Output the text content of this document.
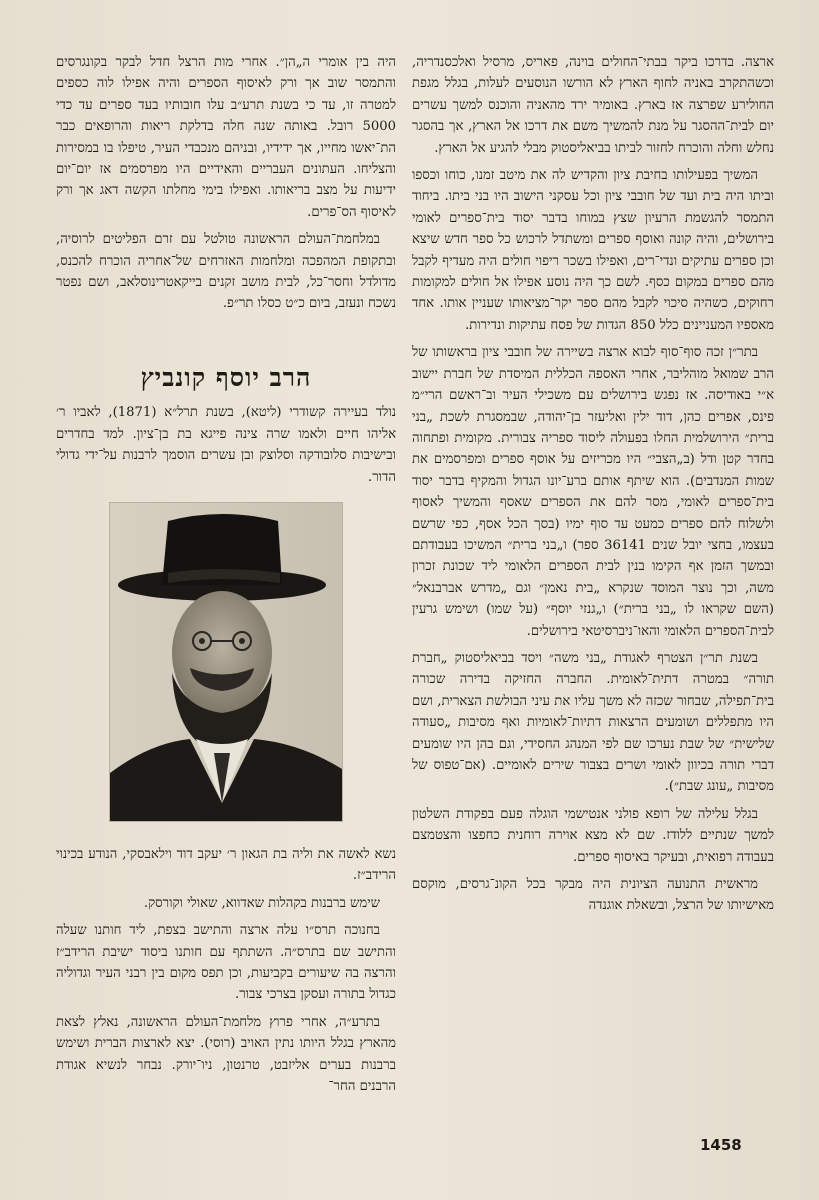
ארצה. בדרכו ביקר בבתי־החולים בוינה, פאריס, מרסיל ואלכסנדריה, וכשהתקרב באניה לחוף הארץ לא הורשו הנוסעים לעלות, בגלל מגפת החולירע שפרצה אז בארץ. באומיר ירד מהאניה והוכנס למשך עשרים יום לבית־ההסגר על מנת להמשיך משם את דרכו אל הארץ, אך בהסגר נחלש וחלה והוכרח לחזור לביתו בביאליסטוק מבלי להגיע אל הארץ.

המשיך בפעילותו בחיבת ציון והקדיש לה את מיטב זמנו, כוחו וכספו וביתו היה בית ועד של חובבי ציון וכל עסקני הישוב היו בני ביתו. ביחוד התמסר להגשמת הרעיון שצץ במוחו בדבר יסוד בית־ספרים לאומי בירושלים, והיה קונה ואוסף ספרים ומשתדל לרכוש כל ספר חדש שיצא וכן ספרים עתיקים ונדי־רים, ואפילו בשכר ריפוי חולים היה מעדיף לקבל מהם ספרים במקום כסף. לשם כך היה נוסע אפילו אל חולים למקומות רחוקים, כשהיה סיכוי לקבל מהם ספר יקר־מציאותו שעניין אותו. אחד מאספיו המעניינים כלל 850 הגדות של פסח עתיקות ונדירות.

בתר״ן זכה סוף־סוף לבוא ארצה בשיירה של חובבי ציון בראשותו של הרב שמואל מוהליבר, אחרי האספה הכללית המיסדת של חברת יישוב א״י באודיסה. אז נפגש בירושלים עם משכילי העיר וב־ראשם הרי״מ פינס, אפרים כהן, דוד ילין ואליעזר בן־יהודה, שבמסגרת לשכת „בני ברית״ הירושלמית החלו בפעולה ליסוד ספריה צבורית. מקומית ופתחוה בחדר קטן ודל (ב„הצבי״ היו מכריזים על אוסף ספרים ומפרסמים את שמות המנדבים). הוא שיתף אותם ברע־יונו הגדול והמקיף בדבר יסוד בית־ספרים לאומי, מסר להם את הספרים שאסף והמשיך לאסוף ולשלוח להם ספרים כמעט עד סוף ימיו (בסך הכל אסף, כפי שרשם בעצמו, בחצי יובל שנים 36141 ספר) ו„בני ברית״ המשיכו בעבודתם ובמשך הזמן אף הקימו בנין לבית הספרים הלאומי ליד שכונת זכרון משה, וכך נוצר המוסד שנקרא „בית נאמן״ וגם „מדרש אברבנאל״ (השם שקראו לו „בני ברית״) ו„גנזי יוסף״ (על שמו) ושימש גרעין לבית־הספרים הלאומי והאו־ניברסיטאי בירושלים.

בשנת תר״ן הצטרף לאגודת „בני משה״ ויסד בביאליסטוק „חברת תורה״ במטרה דתית־לאומית. החברה החזיקה בדירה שכורה בית־תפילה, שבחור שכזה לא משך עליו את עיני הבולשת הצארית, ושם היו מתפללים ושומעים הרצאות דתיות־לאומיות ואף מסיבות „סעודה שלישית״ של שבת נערכו שם לפי המנהג החסידי, וגם בהן היו שומעים דברי תורה בכיוון לאומי ושרים בצבור שירים לאומיים. (אם־טפוס של מסיבות „עונג שבת״).

בגלל עלילה של רופא פולני אנטישמי הוגלה פעם בפקודת השלטון למשך שנתיים ללודז. שם לא מצא אוירה רוחנית כחפצו והצטמצם בעבודה רפואית, ובעיקר באיסוף ספרים.

מראשית התנועה הציונית היה מבקר בכל הקונ־גרסים, מוקסם מאישיותו של הרצל, ובשאלת אוגנדה

היה בין אומרי ה„הן״. אחרי מות הרצל חדל לבקר בקונגרסים והתמסר שוב אך ורק לאיסוף הספרים והיה אפילו לוה כספים למטרה זו, עד כי בשנת תרע״ב עלו חובותיו בעד ספרים עד כדי 5000 רובל. באותה שנה חלה בדלקת ריאות והרופאים כבר הת־יאשו מחייו, אך ידידיו, ובניהם מנכבדי העיר, טיפלו בו במסירות והצליחו. העתונים העבריים והאידיים היו מפרסמים אז יום־יום ידיעות על מצב בריאותו. ואפילו בימי מחלתו הקשה דאג אך ורק לאיסוף הס־פרים.

במלחמת־העולם הראשונה טולטל עם זרם הפליטים לרוסיה, ובתקופת המהפכה ומלחמות האזרחים של־אחריה הוכרח להכנס, מדולדל וחסר־כל, לבית מושב זקנים בייקאטרינוסלאב, ושם נפטר נשכח ונעזב, ביום כ״ט כסלו תר״פ.

הרב יוסף קונביץ

נולד בעיירה קשודרי (ליטא), בשנת תרל״א (1871), לאביו ר׳ אליהו חיים ולאמו שרה צינה פייגא בת בן־ציון. למד בחדרים ובישיבות סלובודקה וסלוצק ובן עשרים הוסמך לרבנות על־ידי גדולי הדור.

נשא לאשה את וליה בת הגאון ר׳ יעקב דוד וילאבסקי, הנודע בכינוי הרידב״ז.

שימש ברבנות בקהלות שאדווא, שאולי וקורסק.

בחנוכה תרס״ו עלה ארצה והתישב בצפת, ליד חותנו שעלה והתישב שם בתרס״ה. השתתף עם חותנו ביסוד ישיבת הרידב״ז והרצה בה שיעורים בקביעות, וכן תפס מקום בין רבני העיר וגדוליה כגדול בתורה ועסקן בצרכי צבור.

בתרע״ה, אחרי פרוץ מלחמת־העולם הראשונה, נאלץ לצאת מהארץ בגלל היותו נתין האויב (רוסי). יצא לארצות הברית ושימש ברבנות בערים אליזבט, טרנטון, ניו־יורק. נבחר לנשיא אגודת הרבנים החר־

1458
